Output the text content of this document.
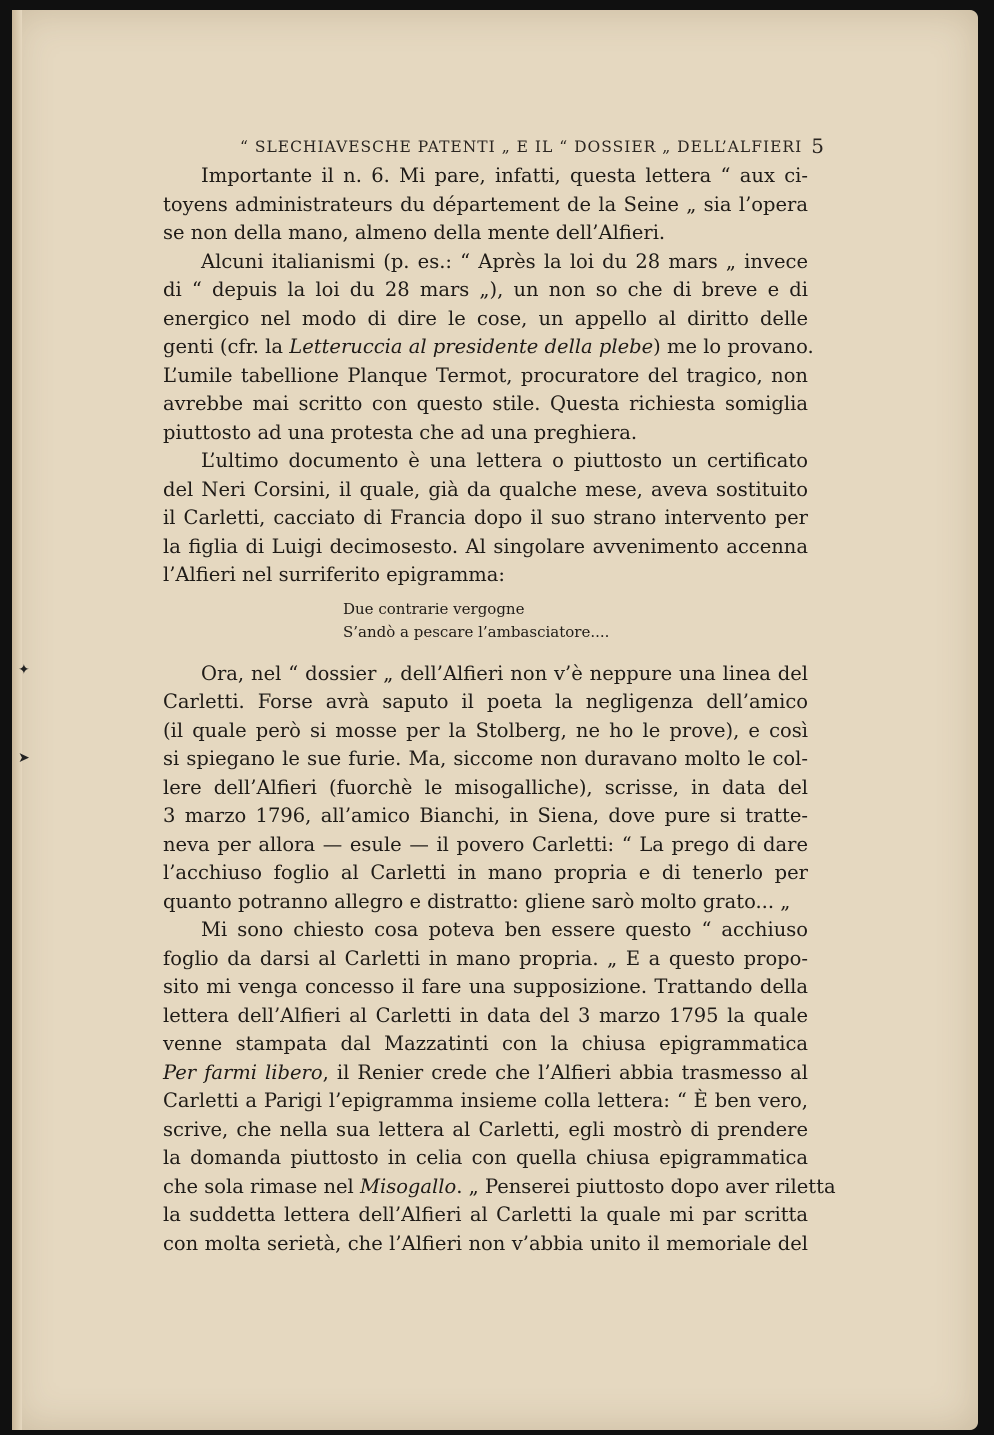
“ SLECHIAVESCHE PATENTI „ E IL “ DOSSIER „ DELL’ALFIERI 5
✦
➤
Importante il n. 6. Mi pare, infatti, questa lettera “ aux ci-
toyens administrateurs du département de la Seine „ sia l’opera
se non della mano, almeno della mente dell’Alfieri.
Alcuni italianismi (p. es.: “ Après la loi du 28 mars „ invece
di “ depuis la loi du 28 mars „), un non so che di breve e di
energico nel modo di dire le cose, un appello al diritto delle
genti (cfr. la Letteruccia al presidente della plebe) me lo provano.
L’umile tabellione Planque Termot, procuratore del tragico, non
avrebbe mai scritto con questo stile. Questa richiesta somiglia
piuttosto ad una protesta che ad una preghiera.
L’ultimo documento è una lettera o piuttosto un certificato
del Neri Corsini, il quale, già da qualche mese, aveva sostituito
il Carletti, cacciato di Francia dopo il suo strano intervento per
la figlia di Luigi decimosesto. Al singolare avvenimento accenna
l’Alfieri nel surriferito epigramma:
Due contrarie vergogne
S’andò a pescare l’ambasciatore....
Ora, nel “ dossier „ dell’Alfieri non v’è neppure una linea del
Carletti. Forse avrà saputo il poeta la negligenza dell’amico
(il quale però si mosse per la Stolberg, ne ho le prove), e così
si spiegano le sue furie. Ma, siccome non duravano molto le col-
lere dell’Alfieri (fuorchè le misogalliche), scrisse, in data del
3 marzo 1796, all’amico Bianchi, in Siena, dove pure si tratte-
neva per allora — esule — il povero Carletti: “ La prego di dare
l’acchiuso foglio al Carletti in mano propria e di tenerlo per
quanto potranno allegro e distratto: gliene sarò molto grato... „
Mi sono chiesto cosa poteva ben essere questo “ acchiuso
foglio da darsi al Carletti in mano propria. „ E a questo propo-
sito mi venga concesso il fare una supposizione. Trattando della
lettera dell’Alfieri al Carletti in data del 3 marzo 1795 la quale
venne stampata dal Mazzatinti con la chiusa epigrammatica
Per farmi libero, il Renier crede che l’Alfieri abbia trasmesso al
Carletti a Parigi l’epigramma insieme colla lettera: “ È ben vero,
scrive, che nella sua lettera al Carletti, egli mostrò di prendere
la domanda piuttosto in celia con quella chiusa epigrammatica
che sola rimase nel Misogallo. „ Penserei piuttosto dopo aver riletta
la suddetta lettera dell’Alfieri al Carletti la quale mi par scritta
con molta serietà, che l’Alfieri non v’abbia unito il memoriale del
